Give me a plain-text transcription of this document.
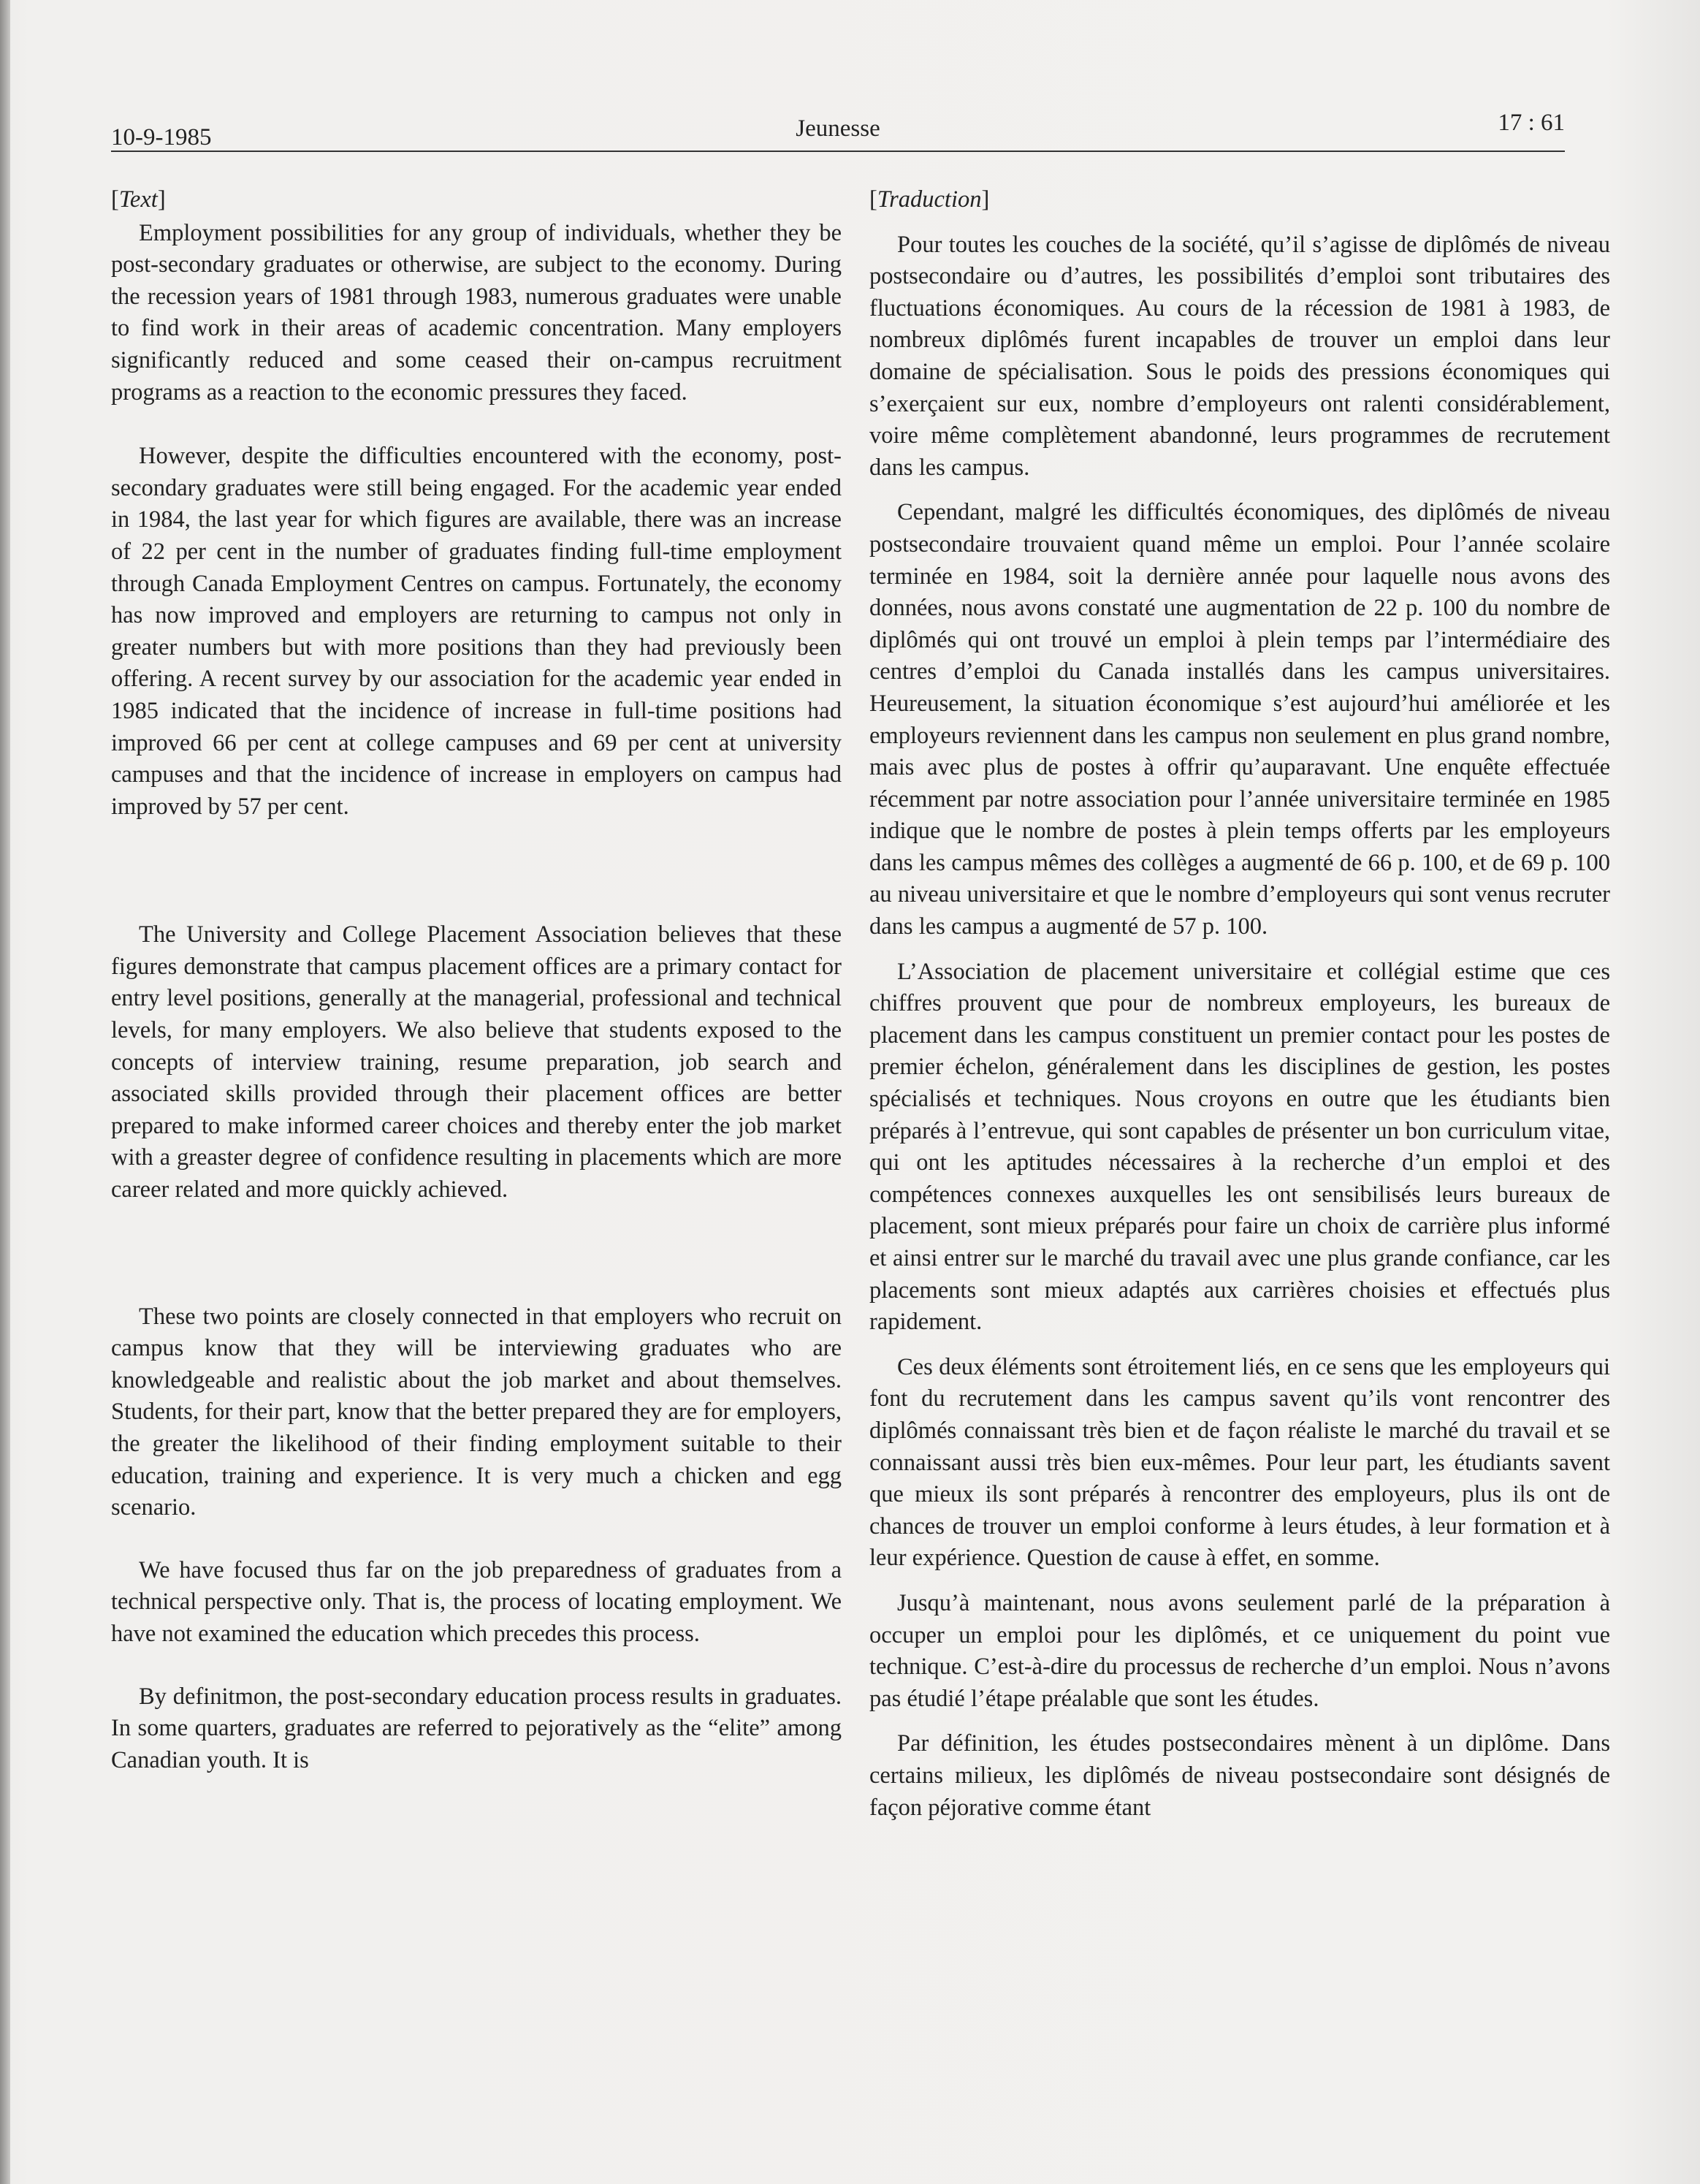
10-9-1985	Jeunesse	17 : 61

[Text]

Employment possibilities for any group of individuals, whether they be post-secondary graduates or otherwise, are subject to the economy. During the recession years of 1981 through 1983, numerous graduates were unable to find work in their areas of academic concentration. Many employers significantly reduced and some ceased their on-campus recruitment programs as a reaction to the economic pressures they faced.

However, despite the difficulties encountered with the economy, post-secondary graduates were still being engaged. For the academic year ended in 1984, the last year for which figures are available, there was an increase of 22 per cent in the number of graduates finding full-time employment through Canada Employment Centres on campus. Fortunately, the economy has now improved and employers are returning to campus not only in greater numbers but with more positions than they had previously been offering. A recent survey by our association for the academic year ended in 1985 indicated that the incidence of increase in full-time positions had improved 66 per cent at college campuses and 69 per cent at university campuses and that the incidence of increase in employers on campus had improved by 57 per cent.

The University and College Placement Association believes that these figures demonstrate that campus placement offices are a primary contact for entry level positions, generally at the managerial, professional and technical levels, for many employers. We also believe that students exposed to the concepts of interview training, resume preparation, job search and associated skills provided through their placement offices are better prepared to make informed career choices and thereby enter the job market with a greaster degree of confidence resulting in placements which are more career related and more quickly achieved.

These two points are closely connected in that employers who recruit on campus know that they will be interviewing graduates who are knowledgeable and realistic about the job market and about themselves. Students, for their part, know that the better prepared they are for employers, the greater the likelihood of their finding employment suitable to their education, training and experience. It is very much a chicken and egg scenario.

We have focused thus far on the job preparedness of graduates from a technical perspective only. That is, the process of locating employment. We have not examined the education which precedes this process.

By definitmon, the post-secondary education process results in graduates. In some quarters, graduates are referred to pejoratively as the “elite” among Canadian youth. It is

[Traduction]

Pour toutes les couches de la société, qu’il s’agisse de diplômés de niveau postsecondaire ou d’autres, les possibilités d’emploi sont tributaires des fluctuations économiques. Au cours de la récession de 1981 à 1983, de nombreux diplômés furent incapables de trouver un emploi dans leur domaine de spécialisation. Sous le poids des pressions économiques qui s’exerçaient sur eux, nombre d’employeurs ont ralenti considérablement, voire même complètement abandonné, leurs programmes de recrutement dans les campus.

Cependant, malgré les difficultés économiques, des diplômés de niveau postsecondaire trouvaient quand même un emploi. Pour l’année scolaire terminée en 1984, soit la dernière année pour laquelle nous avons des données, nous avons constaté une augmentation de 22 p. 100 du nombre de diplômés qui ont trouvé un emploi à plein temps par l’intermédiaire des centres d’emploi du Canada installés dans les campus universitaires. Heureusement, la situation économique s’est aujourd’hui améliorée et les employeurs reviennent dans les campus non seulement en plus grand nombre, mais avec plus de postes à offrir qu’auparavant. Une enquête effectuée récemment par notre association pour l’année universitaire terminée en 1985 indique que le nombre de postes à plein temps offerts par les employeurs dans les campus mêmes des collèges a augmenté de 66 p. 100, et de 69 p. 100 au niveau universitaire et que le nombre d’employeurs qui sont venus recruter dans les campus a augmenté de 57 p. 100.

L’Association de placement universitaire et collégial estime que ces chiffres prouvent que pour de nombreux employeurs, les bureaux de placement dans les campus constituent un premier contact pour les postes de premier échelon, généralement dans les disciplines de gestion, les postes spécialisés et techniques. Nous croyons en outre que les étudiants bien préparés à l’entrevue, qui sont capables de présenter un bon curriculum vitae, qui ont les aptitudes nécessaires à la recherche d’un emploi et des compétences connexes auxquelles les ont sensibilisés leurs bureaux de placement, sont mieux préparés pour faire un choix de carrière plus informé et ainsi entrer sur le marché du travail avec une plus grande confiance, car les placements sont mieux adaptés aux carrières choisies et effectués plus rapidement.

Ces deux éléments sont étroitement liés, en ce sens que les employeurs qui font du recrutement dans les campus savent qu’ils vont rencontrer des diplômés connaissant très bien et de façon réaliste le marché du travail et se connaissant aussi très bien eux-mêmes. Pour leur part, les étudiants savent que mieux ils sont préparés à rencontrer des employeurs, plus ils ont de chances de trouver un emploi conforme à leurs études, à leur formation et à leur expérience. Question de cause à effet, en somme.

Jusqu’à maintenant, nous avons seulement parlé de la préparation à occuper un emploi pour les diplômés, et ce uniquement du point vue technique. C’est-à-dire du processus de recherche d’un emploi. Nous n’avons pas étudié l’étape préalable que sont les études.

Par définition, les études postsecondaires mènent à un diplôme. Dans certains milieux, les diplômés de niveau postsecondaire sont désignés de façon péjorative comme étant
